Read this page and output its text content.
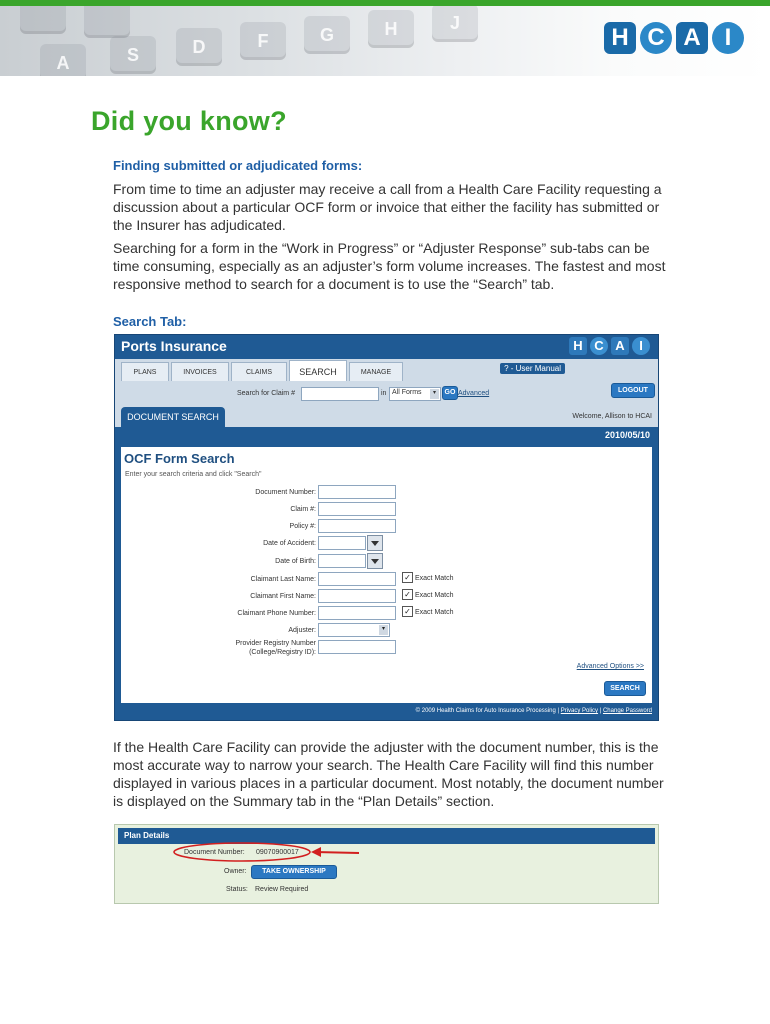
A	S	D	F	G	H	J
H C A I
Did you know?
Finding submitted or adjudicated forms:
From time to time an adjuster may receive a call from a Health Care Facility requesting a discussion about a particular OCF form or invoice that either the facility has submitted or the Insurer has adjudicated.
Searching for a form in the “Work in Progress” or “Adjuster Response” sub-tabs can be time consuming, especially as an adjuster’s form volume increases. The fastest and most responsive method to search for a document is to use the “Search” tab.
Search Tab:
Ports Insurance	H C A	I
PLANS	INVOICES	CLAIMS	SEARCH	MANAGE	? - User Manual
Search for Claim #	in All Forms	▾	GO Advanced	LOGOUT
DOCUMENT SEARCH	Welcome, Allison to HCAI
2010/05/10
OCF Form Search
Enter your search criteria and click "Search"
Document Number:
Claim #:
Policy #:
Date of Accident:
Date of Birth:
Claimant Last Name:	✓ Exact Match
Claimant First Name:	✓ Exact Match
Claimant Phone Number:	✓ Exact Match
Adjuster:	▾
Provider Registry Number
(College/Registry ID):
Advanced Options >>
SEARCH
© 2009 Health Claims for Auto Insurance Processing | Privacy Policy | Change Password
If the Health Care Facility can provide the adjuster with the document number, this is the most accurate way to narrow your search. The Health Care Facility will find this number displayed in various places in a particular document. Most notably, the document number is displayed on the Summary tab in the “Plan Details” section.
Plan Details
Document Number: 09070900017
Owner:	TAKE OWNERSHIP
Status: Review Required
